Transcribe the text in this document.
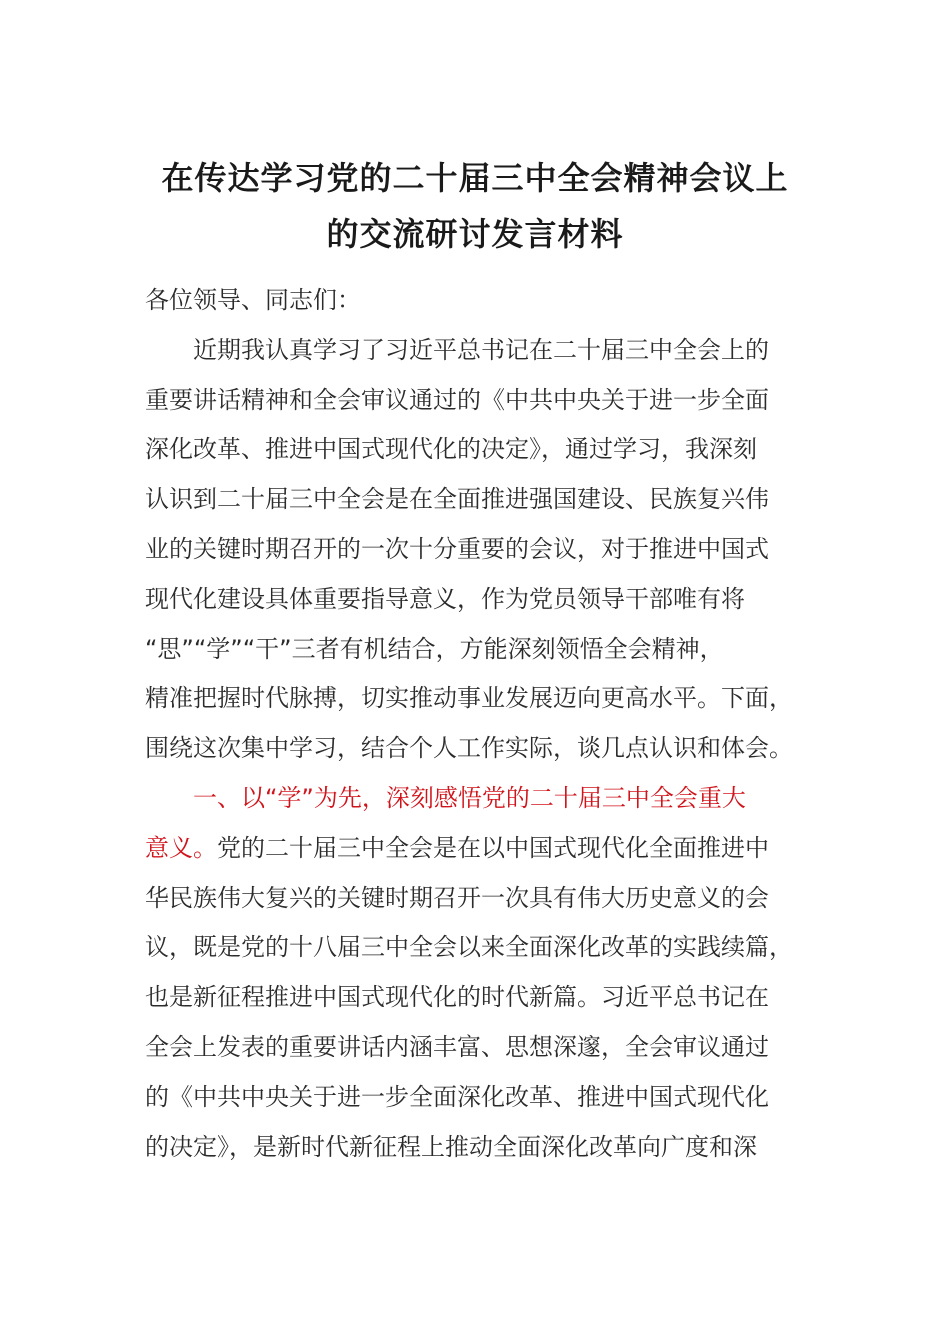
在传达学习党的二十届三中全会精神会议上
的交流研讨发言材料
各位领导、同志们：
近期我认真学习了习近平总书记在二十届三中全会上的
重要讲话精神和全会审议通过的《中共中央关于进一步全面
深化改革、推进中国式现代化的决定》，通过学习，我深刻
认识到二十届三中全会是在全面推进强国建设、民族复兴伟
业的关键时期召开的一次十分重要的会议，对于推进中国式
现代化建设具体重要指导意义，作为党员领导干部唯有将
“思”“学”“干”三者有机结合，方能深刻领悟全会精神，
精准把握时代脉搏，切实推动事业发展迈向更高水平。下面，
围绕这次集中学习，结合个人工作实际，谈几点认识和体会。
一、以“学”为先，深刻感悟党的二十届三中全会重大
意义。党的二十届三中全会是在以中国式现代化全面推进中
华民族伟大复兴的关键时期召开一次具有伟大历史意义的会
议，既是党的十八届三中全会以来全面深化改革的实践续篇，
也是新征程推进中国式现代化的时代新篇。习近平总书记在
全会上发表的重要讲话内涵丰富、思想深邃，全会审议通过
的《中共中央关于进一步全面深化改革、推进中国式现代化
的决定》，是新时代新征程上推动全面深化改革向广度和深
